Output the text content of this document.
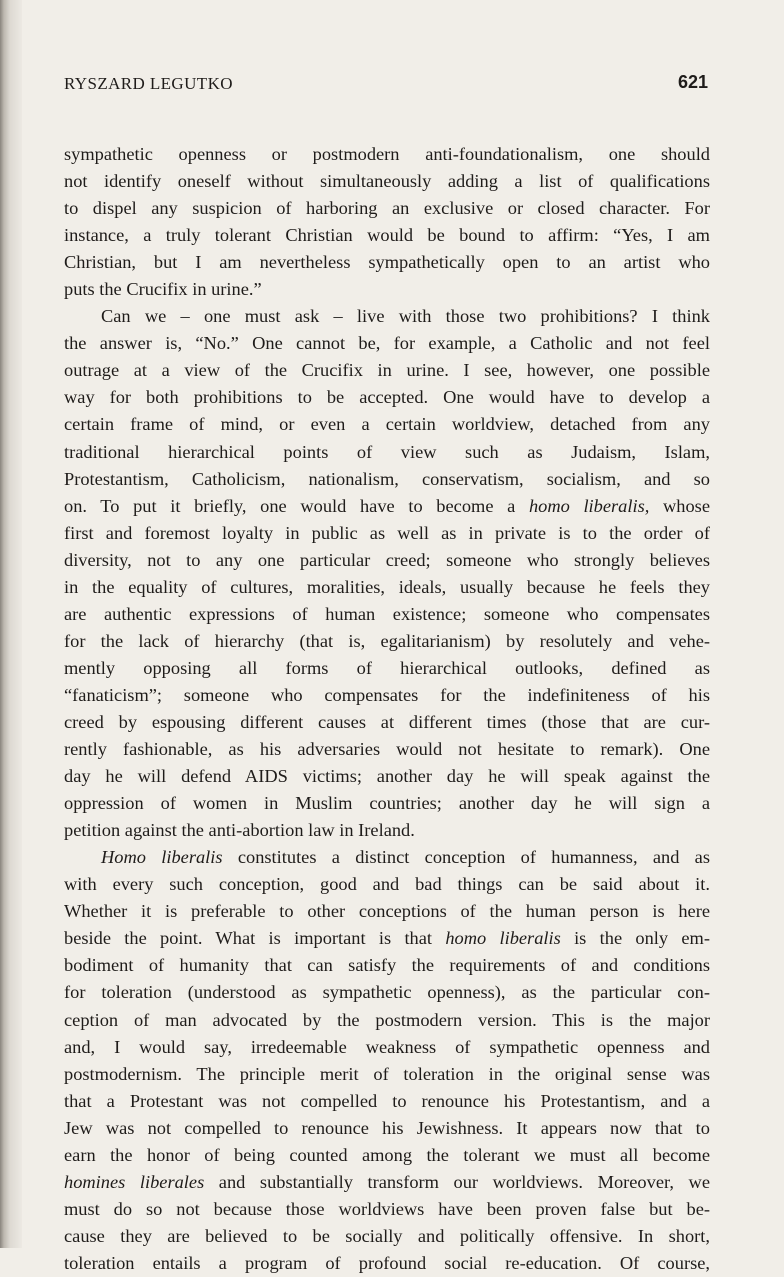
RYSZARD LEGUTKO	621
sympathetic openness or postmodern anti-foundationalism, one should
not identify oneself without simultaneously adding a list of qualifications
to dispel any suspicion of harboring an exclusive or closed character. For
instance, a truly tolerant Christian would be bound to affirm: “Yes, I am
Christian, but I am nevertheless sympathetically open to an artist who
puts the Crucifix in urine.”
Can we – one must ask – live with those two prohibitions? I think
the answer is, “No.” One cannot be, for example, a Catholic and not feel
outrage at a view of the Crucifix in urine. I see, however, one possible
way for both prohibitions to be accepted. One would have to develop a
certain frame of mind, or even a certain worldview, detached from any
traditional hierarchical points of view such as Judaism, Islam,
Protestantism, Catholicism, nationalism, conservatism, socialism, and so
on. To put it briefly, one would have to become a homo liberalis, whose
first and foremost loyalty in public as well as in private is to the order of
diversity, not to any one particular creed; someone who strongly believes
in the equality of cultures, moralities, ideals, usually because he feels they
are authentic expressions of human existence; someone who compensates
for the lack of hierarchy (that is, egalitarianism) by resolutely and vehe-
mently opposing all forms of hierarchical outlooks, defined as
“fanaticism”; someone who compensates for the indefiniteness of his
creed by espousing different causes at different times (those that are cur-
rently fashionable, as his adversaries would not hesitate to remark). One
day he will defend AIDS victims; another day he will speak against the
oppression of women in Muslim countries; another day he will sign a
petition against the anti-abortion law in Ireland.
Homo liberalis constitutes a distinct conception of humanness, and as
with every such conception, good and bad things can be said about it.
Whether it is preferable to other conceptions of the human person is here
beside the point. What is important is that homo liberalis is the only em-
bodiment of humanity that can satisfy the requirements of and conditions
for toleration (understood as sympathetic openness), as the particular con-
ception of man advocated by the postmodern version. This is the major
and, I would say, irredeemable weakness of sympathetic openness and
postmodernism. The principle merit of toleration in the original sense was
that a Protestant was not compelled to renounce his Protestantism, and a
Jew was not compelled to renounce his Jewishness. It appears now that to
earn the honor of being counted among the tolerant we must all become
homines liberales and substantially transform our worldviews. Moreover, we
must do so not because those worldviews have been proven false but be-
cause they are believed to be socially and politically offensive. In short,
toleration entails a program of profound social re-education. Of course,
